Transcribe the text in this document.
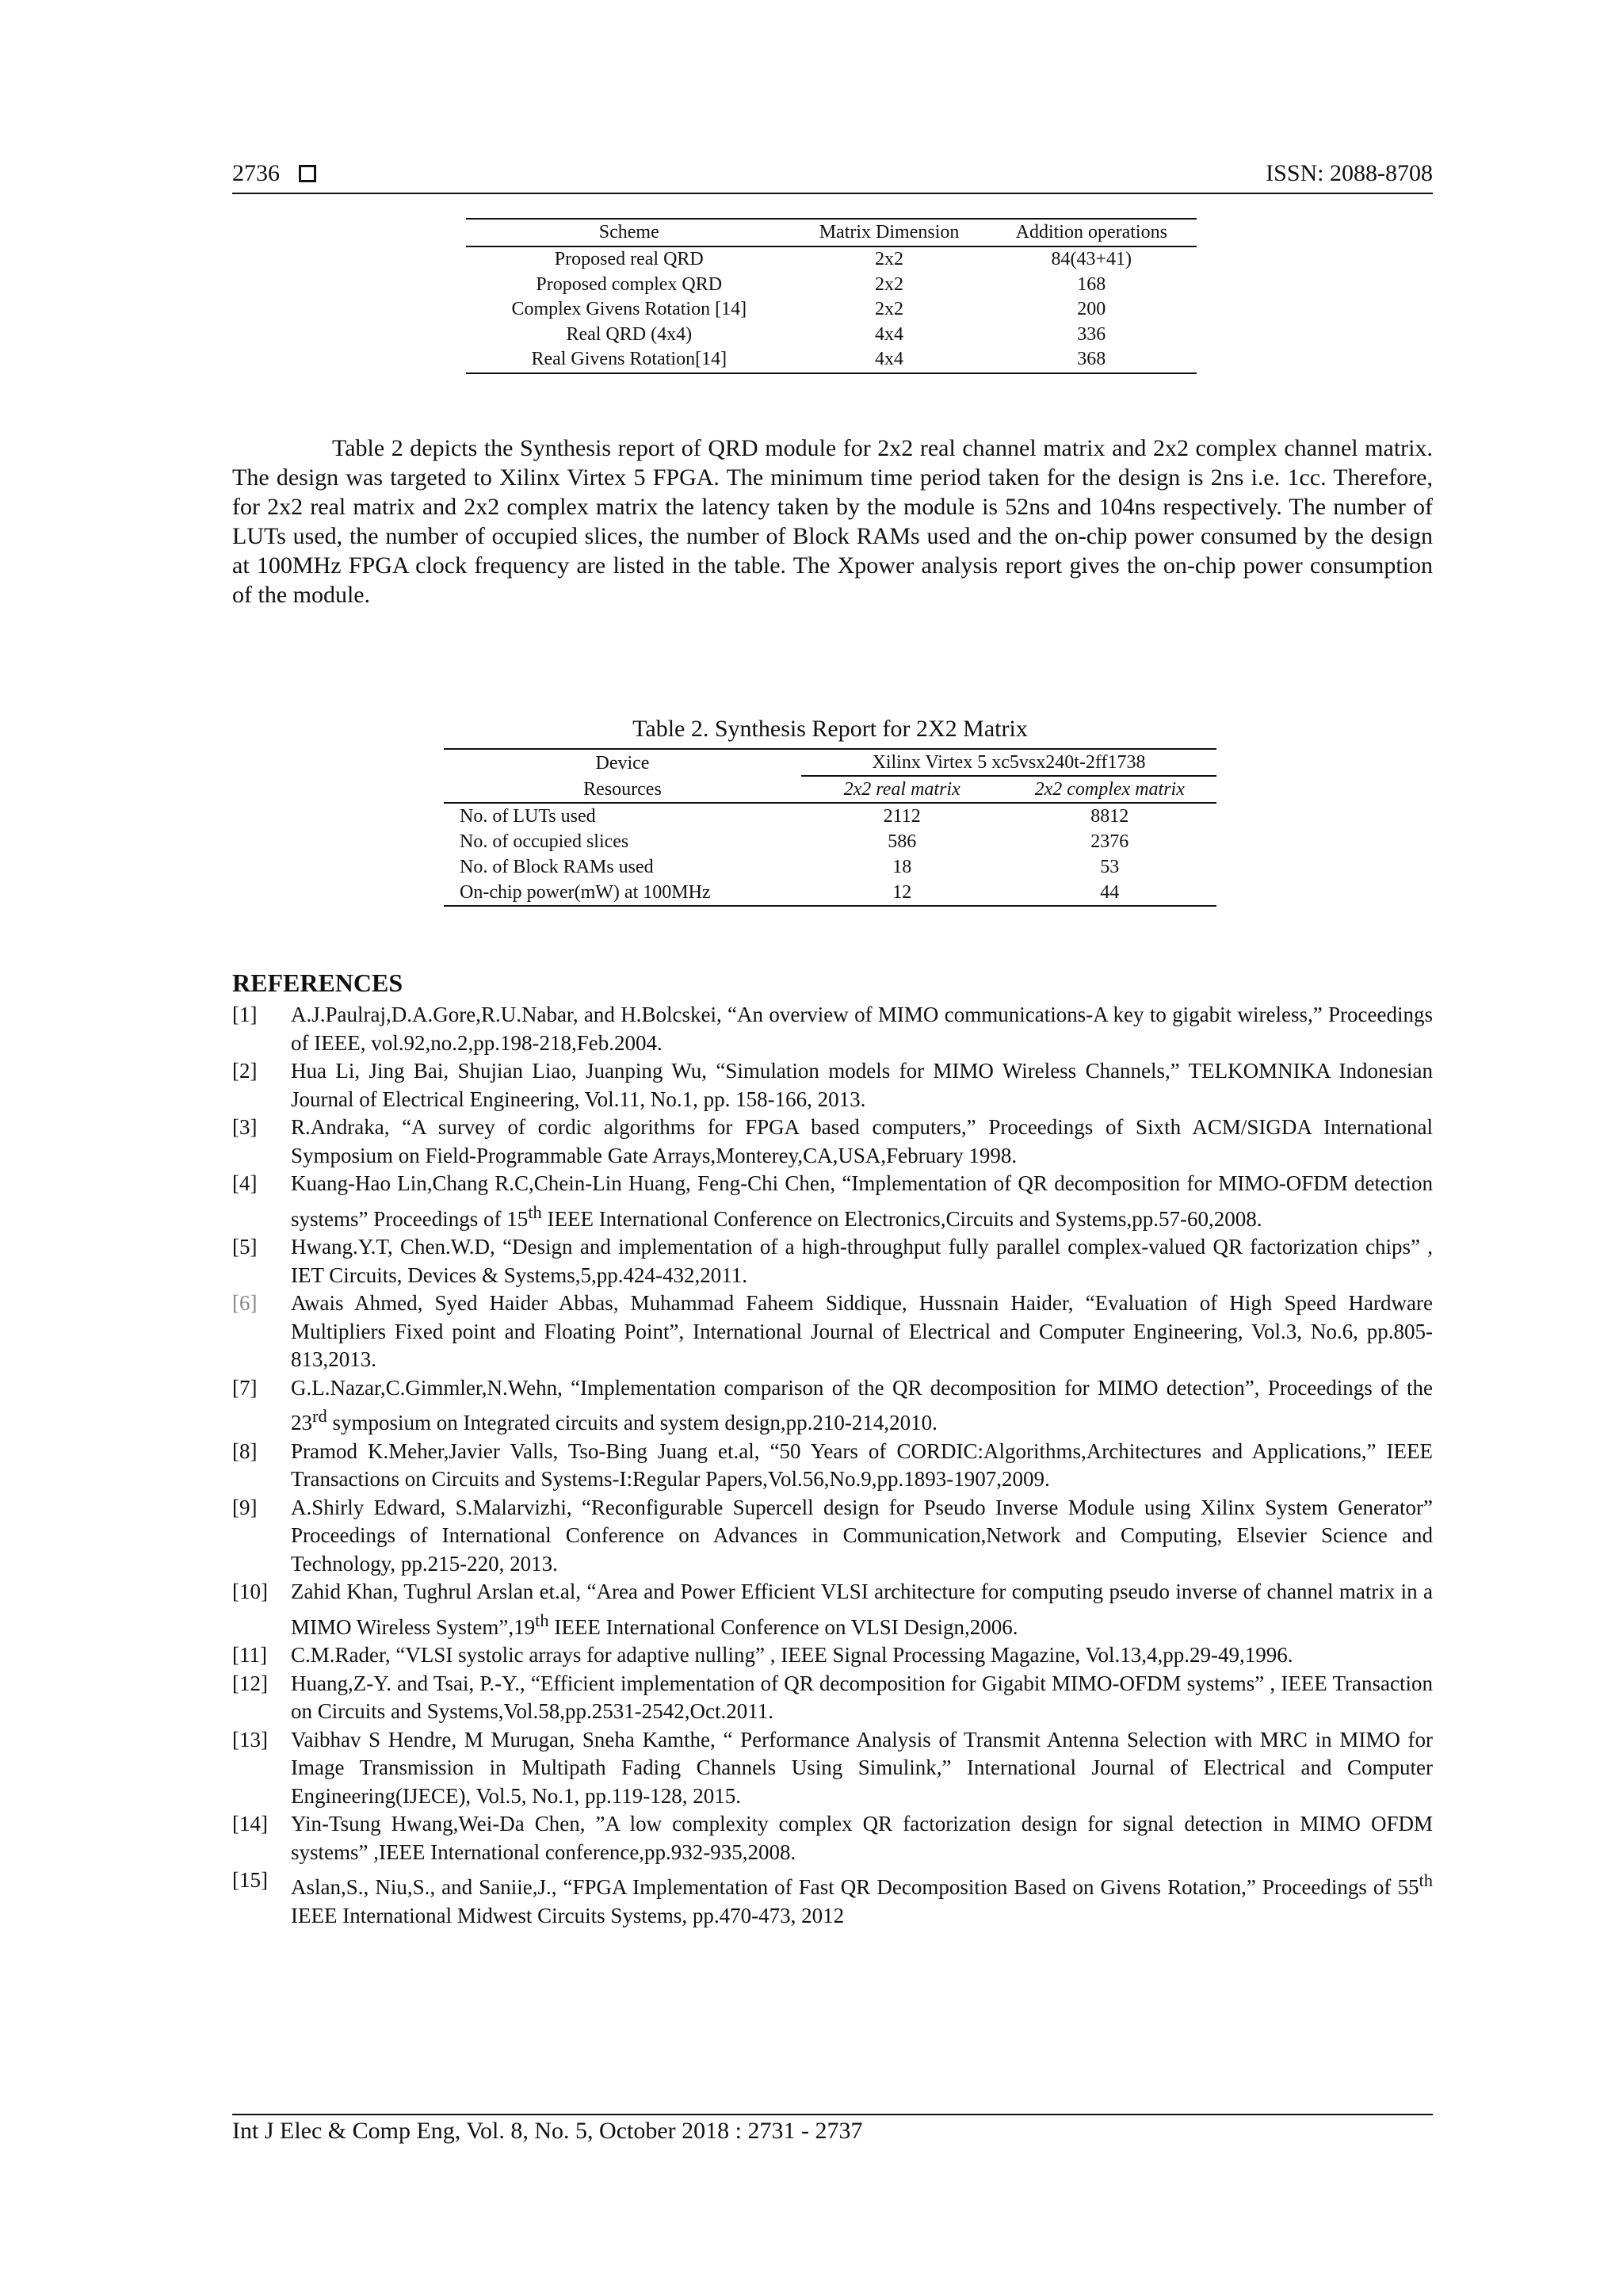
2736	ISSN: 2088-8708
Scheme	Matrix Dimension	Addition operations
Proposed real QRD	2x2	84(43+41)
Proposed complex QRD	2x2	168
Complex Givens Rotation [14]	2x2	200
Real QRD (4x4)	4x4	336
Real Givens Rotation[14]	4x4	368

Table 2 depicts the Synthesis report of QRD module for 2x2 real channel matrix and 2x2 complex channel matrix. The design was targeted to Xilinx Virtex 5 FPGA. The minimum time period taken for the design is 2ns i.e. 1cc. Therefore, for 2x2 real matrix and 2x2 complex matrix the latency taken by the module is 52ns and 104ns respectively. The number of LUTs used, the number of occupied slices, the number of Block RAMs used and the on-chip power consumed by the design at 100MHz FPGA clock frequency are listed in the table. The Xpower analysis report gives the on-chip power consumption of the module.

Table 2. Synthesis Report for 2X2 Matrix
Device	Xilinx Virtex 5 xc5vsx240t-2ff1738	
Resources	2x2 real matrix	2x2 complex matrix
No. of LUTs used	2112	8812
No. of occupied slices	586	2376
No. of Block RAMs used	18	53
On-chip power(mW) at 100MHz	12	44
REFERENCES
[1]	A.J.Paulraj,D.A.Gore,R.U.Nabar, and H.Bolcskei, “An overview of MIMO communications-A key to gigabit wireless,” Proceedings of IEEE, vol.92,no.2,pp.198-218,Feb.2004.
[2]	Hua Li, Jing Bai, Shujian Liao, Juanping Wu, “Simulation models for MIMO Wireless Channels,” TELKOMNIKA Indonesian Journal of Electrical Engineering, Vol.11, No.1, pp. 158-166, 2013.
[3]	R.Andraka, “A survey of cordic algorithms for FPGA based computers,” Proceedings of Sixth ACM/SIGDA International Symposium on Field-Programmable Gate Arrays,Monterey,CA,USA,February 1998.
[4]	Kuang-Hao Lin,Chang R.C,Chein-Lin Huang, Feng-Chi Chen, “Implementation of QR decomposition for MIMO-OFDM detection systems” Proceedings of 15th IEEE International Conference on Electronics,Circuits and Systems,pp.57-60,2008.
[5]	Hwang.Y.T, Chen.W.D, “Design and implementation of a high-throughput fully parallel complex-valued QR factorization chips” , IET Circuits, Devices & Systems,5,pp.424-432,2011.
[6]	Awais Ahmed, Syed Haider Abbas, Muhammad Faheem Siddique, Hussnain Haider, “Evaluation of High Speed Hardware Multipliers Fixed point and Floating Point”, International Journal of Electrical and Computer Engineering, Vol.3, No.6, pp.805-813,2013.
[7]	G.L.Nazar,C.Gimmler,N.Wehn, “Implementation comparison of the QR decomposition for MIMO detection”, Proceedings of the 23rd symposium on Integrated circuits and system design,pp.210-214,2010.
[8]	Pramod K.Meher,Javier Valls, Tso-Bing Juang et.al, “50 Years of CORDIC:Algorithms,Architectures and Applications,” IEEE Transactions on Circuits and Systems-I:Regular Papers,Vol.56,No.9,pp.1893-1907,2009.
[9]	A.Shirly Edward, S.Malarvizhi, “Reconfigurable Supercell design for Pseudo Inverse Module using Xilinx System Generator” Proceedings of International Conference on Advances in Communication,Network and Computing, Elsevier Science and Technology, pp.215-220, 2013.
[10]	Zahid Khan, Tughrul Arslan et.al, “Area and Power Efficient VLSI architecture for computing pseudo inverse of channel matrix in a MIMO Wireless System”,19th IEEE International Conference on VLSI Design,2006.
[11]	C.M.Rader, “VLSI systolic arrays for adaptive nulling” , IEEE Signal Processing Magazine, Vol.13,4,pp.29-49,1996.
[12]	Huang,Z-Y. and Tsai, P.-Y., “Efficient implementation of QR decomposition for Gigabit MIMO-OFDM systems” , IEEE Transaction on Circuits and Systems,Vol.58,pp.2531-2542,Oct.2011.
[13]	Vaibhav S Hendre, M Murugan, Sneha Kamthe, “ Performance Analysis of Transmit Antenna Selection with MRC in MIMO for Image Transmission in Multipath Fading Channels Using Simulink,” International Journal of Electrical and Computer Engineering(IJECE), Vol.5, No.1, pp.119-128, 2015.
[14]	Yin-Tsung Hwang,Wei-Da Chen, ”A low complexity complex QR factorization design for signal detection in MIMO OFDM systems” ,IEEE International conference,pp.932-935,2008.
[15]	Aslan,S., Niu,S., and Saniie,J., “FPGA Implementation of Fast QR Decomposition Based on Givens Rotation,” Proceedings of 55th IEEE International Midwest Circuits Systems, pp.470-473, 2012
Int J Elec & Comp Eng, Vol. 8, No. 5, October 2018 : 2731 - 2737
